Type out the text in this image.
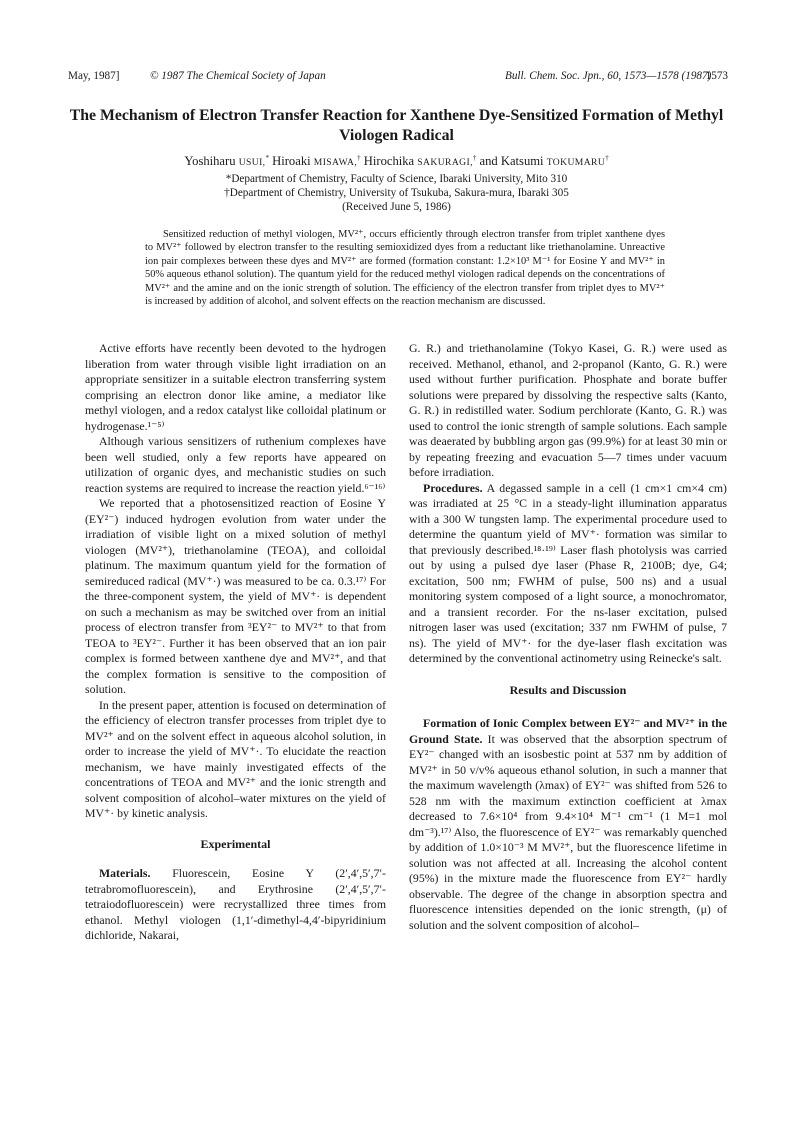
May, 1987]	© 1987 The Chemical Society of Japan	Bull. Chem. Soc. Jpn., 60, 1573—1578 (1987)
1573
The Mechanism of Electron Transfer Reaction for Xanthene Dye-Sensitized Formation of Methyl Viologen Radical
Yoshiharu USUI,* Hiroaki MISAWA,† Hirochika SAKURAGI,† and Katsumi TOKUMARU†
*Department of Chemistry, Faculty of Science, Ibaraki University, Mito 310
†Department of Chemistry, University of Tsukuba, Sakura-mura, Ibaraki 305
(Received June 5, 1986)
Sensitized reduction of methyl viologen, MV²⁺, occurs efficiently through electron transfer from triplet xanthene dyes to MV²⁺ followed by electron transfer to the resulting semioxidized dyes from a reductant like triethanolamine. Unreactive ion pair complexes between these dyes and MV²⁺ are formed (formation constant: 1.2×10³ M⁻¹ for Eosine Y and MV²⁺ in 50% aqueous ethanol solution). The quantum yield for the reduced methyl viologen radical depends on the concentrations of MV²⁺ and the amine and on the ionic strength of solution. The efficiency of the electron transfer from triplet dyes to MV²⁺ is increased by addition of alcohol, and solvent effects on the reaction mechanism are discussed.

Active efforts have recently been devoted to the hydrogen liberation from water through visible light irradiation on an appropriate sensitizer in a suitable electron transferring system comprising an electron donor like amine, a mediator like methyl viologen, and a redox catalyst like colloidal platinum or hydrogenase.¹⁻⁵⁾

Although various sensitizers of ruthenium complexes have been well studied, only a few reports have appeared on utilization of organic dyes, and mechanistic studies on such reaction systems are required to increase the reaction yield.⁶⁻¹⁶⁾

We reported that a photosensitized reaction of Eosine Y (EY²⁻) induced hydrogen evolution from water under the irradiation of visible light on a mixed solution of methyl viologen (MV²⁺), triethanolamine (TEOA), and colloidal platinum. The maximum quantum yield for the formation of semireduced radical (MV⁺·) was measured to be ca. 0.3.¹⁷⁾ For the three-component system, the yield of MV⁺· is dependent on such a mechanism as may be switched over from an initial process of electron transfer from ³EY²⁻ to MV²⁺ to that from TEOA to ³EY²⁻. Further it has been observed that an ion pair complex is formed between xanthene dye and MV²⁺, and that the complex formation is sensitive to the composition of solution.

In the present paper, attention is focused on determination of the efficiency of electron transfer processes from triplet dye to MV²⁺ and on the solvent effect in aqueous alcohol solution, in order to increase the yield of MV⁺·. To elucidate the reaction mechanism, we have mainly investigated effects of the concentrations of TEOA and MV²⁺ and the ionic strength and solvent composition of alcohol–water mixtures on the yield of MV⁺· by kinetic analysis.

Experimental

Materials. Fluorescein, Eosine Y (2′,4′,5′,7′-tetrabromofluorescein), and Erythrosine (2′,4′,5′,7′-tetraiodofluorescein) were recrystallized three times from ethanol. Methyl viologen (1,1′-dimethyl-4,4′-bipyridinium dichloride, Nakarai,

G. R.) and triethanolamine (Tokyo Kasei, G. R.) were used as received. Methanol, ethanol, and 2-propanol (Kanto, G. R.) were used without further purification. Phosphate and borate buffer solutions were prepared by dissolving the respective salts (Kanto, G. R.) in redistilled water. Sodium perchlorate (Kanto, G. R.) was used to control the ionic strength of sample solutions. Each sample was deaerated by bubbling argon gas (99.9%) for at least 30 min or by repeating freezing and evacuation 5—7 times under vacuum before irradiation.

Procedures. A degassed sample in a cell (1 cm×1 cm×4 cm) was irradiated at 25 °C in a steady-light illumination apparatus with a 300 W tungsten lamp. The experimental procedure used to determine the quantum yield of MV⁺· formation was similar to that previously described.¹⁸·¹⁹⁾ Laser flash photolysis was carried out by using a pulsed dye laser (Phase R, 2100B; dye, G4; excitation, 500 nm; FWHM of pulse, 500 ns) and a usual monitoring system composed of a light source, a monochromator, and a transient recorder. For the ns-laser excitation, pulsed nitrogen laser was used (excitation; 337 nm FWHM of pulse, 7 ns). The yield of MV⁺· for the dye-laser flash excitation was determined by the conventional actinometry using Reinecke's salt.

Results and Discussion

Formation of Ionic Complex between EY²⁻ and MV²⁺ in the Ground State. It was observed that the absorption spectrum of EY²⁻ changed with an isosbestic point at 537 nm by addition of MV²⁺ in 50 v/v% aqueous ethanol solution, in such a manner that the maximum wavelength (λmax) of EY²⁻ was shifted from 526 to 528 nm with the maximum extinction coefficient at λmax decreased to 7.6×10⁴ from 9.4×10⁴ M⁻¹ cm⁻¹ (1 M=1 mol dm⁻³).¹⁷⁾ Also, the fluorescence of EY²⁻ was remarkably quenched by addition of 1.0×10⁻³ M MV²⁺, but the fluorescence lifetime in solution was not affected at all. Increasing the alcohol content (95%) in the mixture made the fluorescence from EY²⁻ hardly observable. The degree of the change in absorption spectra and fluorescence intensities depended on the ionic strength, (μ) of solution and the solvent composition of alcohol–
